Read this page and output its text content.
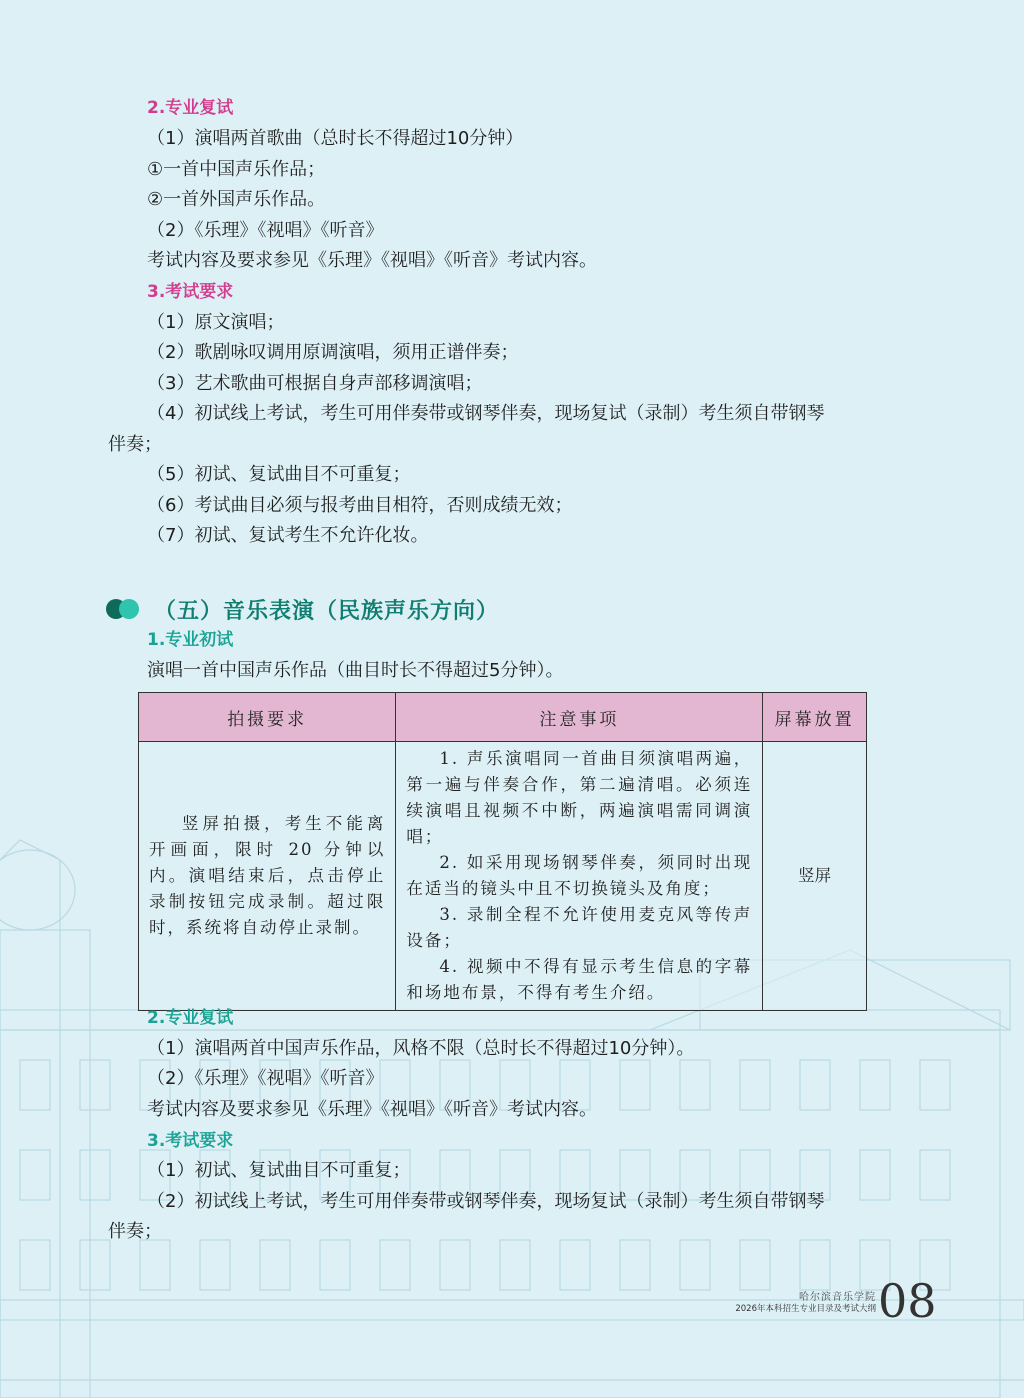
2.专业复试
（1）演唱两首歌曲（总时长不得超过10分钟）
①一首中国声乐作品；
②一首外国声乐作品。
（2）《乐理》《视唱》《听音》
考试内容及要求参见《乐理》《视唱》《听音》考试内容。
3.考试要求
（1）原文演唱；
（2）歌剧咏叹调用原调演唱，须用正谱伴奏；
（3）艺术歌曲可根据自身声部移调演唱；
（4）初试线上考试，考生可用伴奏带或钢琴伴奏，现场复试（录制）考生须自带钢琴
伴奏；
（5）初试、复试曲目不可重复；
（6）考试曲目必须与报考曲目相符，否则成绩无效；
（7）初试、复试考生不允许化妆。
（五）音乐表演（民族声乐方向）
1.专业初试
演唱一首中国声乐作品（曲目时长不得超过5分钟）。
拍摄要求	注意事项	屏幕放置

竖屏拍摄，考生不能离开画面，限时 20 分钟以内。演唱结束后，点击停止录制按钮完成录制。超过限时，系统将自动停止录制。	1. 声乐演唱同一首曲目须演唱两遍，第一遍与伴奏合作，第二遍清唱。必须连续演唱且视频不中断，两遍演唱需同调演唱；

2. 如采用现场钢琴伴奏，须同时出现在适当的镜头中且不切换镜头及角度；

3. 录制全程不允许使用麦克风等传声设备；

4. 视频中不得有显示考生信息的字幕和场地布景，不得有考生介绍。	竖屏
2.专业复试
（1）演唱两首中国声乐作品，风格不限（总时长不得超过10分钟）。
（2）《乐理》《视唱》《听音》
考试内容及要求参见《乐理》《视唱》《听音》考试内容。
3.考试要求
（1）初试、复试曲目不可重复；
（2）初试线上考试，考生可用伴奏带或钢琴伴奏，现场复试（录制）考生须自带钢琴
伴奏；
哈尔滨音乐学院
2026年本科招生专业目录及考试大纲 08
